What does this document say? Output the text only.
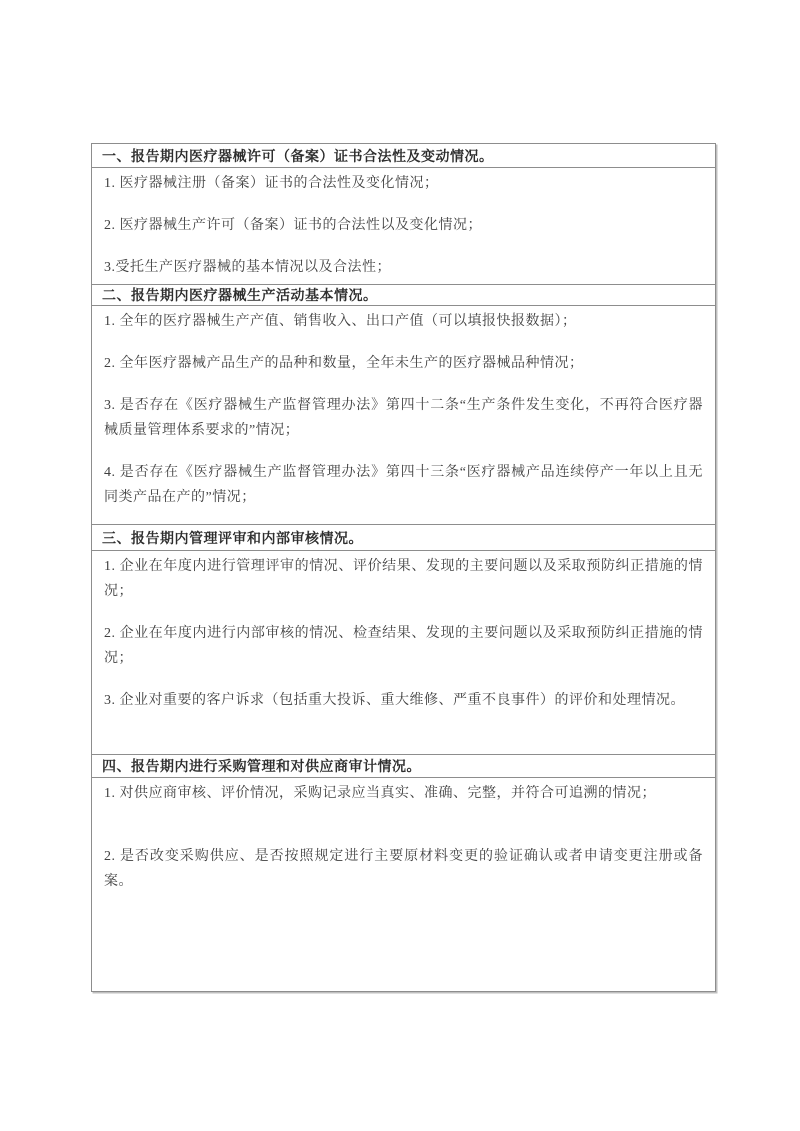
一、报告期内医疗器械许可（备案）证书合法性及变动情况。

1. 医疗器械注册（备案）证书的合法性及变化情况；

2. 医疗器械生产许可（备案）证书的合法性以及变化情况；

3.受托生产医疗器械的基本情况以及合法性；

二、报告期内医疗器械生产活动基本情况。

1. 全年的医疗器械生产产值、销售收入、出口产值（可以填报快报数据）；

2. 全年医疗器械产品生产的品种和数量，全年未生产的医疗器械品种情况；

3. 是否存在《医疗器械生产监督管理办法》第四十二条“生产条件发生变化，不再符合医疗器械质量管理体系要求的”情况；

4. 是否存在《医疗器械生产监督管理办法》第四十三条“医疗器械产品连续停产一年以上且无同类产品在产的”情况；

三、报告期内管理评审和内部审核情况。

1. 企业在年度内进行管理评审的情况、评价结果、发现的主要问题以及采取预防纠正措施的情况；

2. 企业在年度内进行内部审核的情况、检查结果、发现的主要问题以及采取预防纠正措施的情况；

3. 企业对重要的客户诉求（包括重大投诉、重大维修、严重不良事件）的评价和处理情况。

四、报告期内进行采购管理和对供应商审计情况。

1. 对供应商审核、评价情况，采购记录应当真实、准确、完整，并符合可追溯的情况；

2. 是否改变采购供应、是否按照规定进行主要原材料变更的验证确认或者申请变更注册或备案。
